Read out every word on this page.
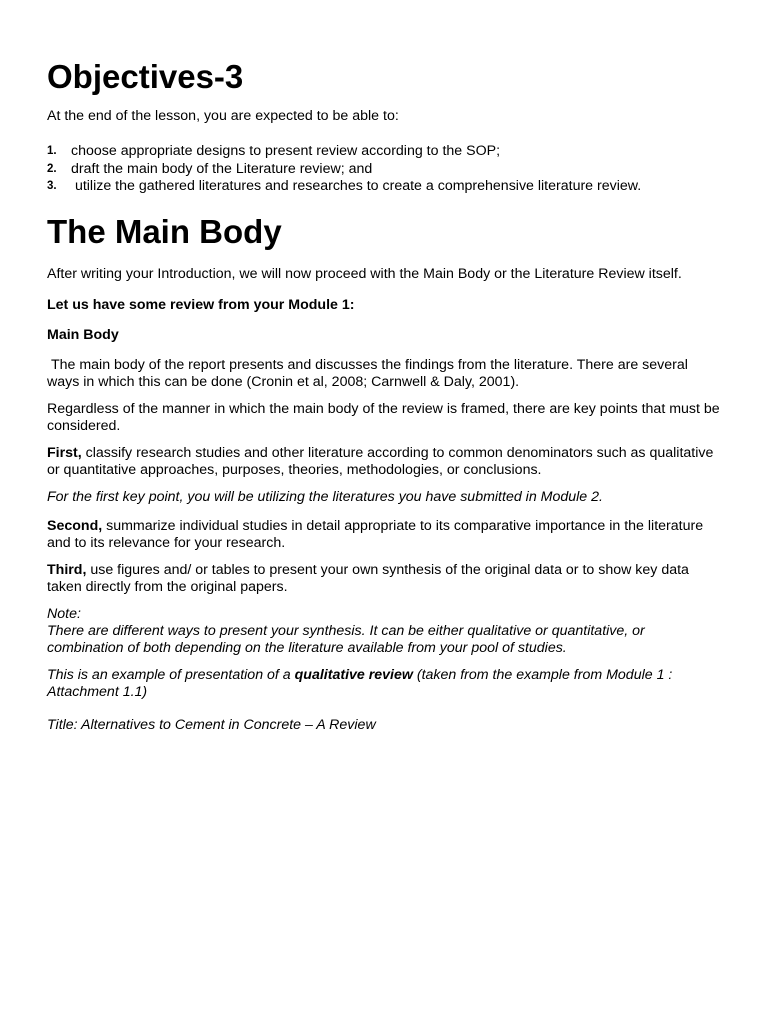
Objectives-3

At the end of the lesson, you are expected to be able to:

1.	choose appropriate designs to present review according to the SOP;
2.	draft the main body of the Literature review; and
3.	utilize the gathered literatures and researches to create a comprehensive literature review.
The Main Body

After writing your Introduction, we will now proceed with the Main Body or the Literature Review itself.

Let us have some review from your Module 1:

Main Body

The main body of the report presents and discusses the findings from the literature. There are several ways in which this can be done (Cronin et al, 2008; Carnwell & Daly, 2001).

Regardless of the manner in which the main body of the review is framed, there are key points that must be considered.

First, classify research studies and other literature according to common denominators such as qualitative or quantitative approaches, purposes, theories, methodologies, or conclusions.

For the first key point, you will be utilizing the literatures you have submitted in Module 2.

Second, summarize individual studies in detail appropriate to its comparative importance in the literature and to its relevance for your research.

Third, use figures and/ or tables to present your own synthesis of the original data or to show key data taken directly from the original papers.

Note:

There are different ways to present your synthesis. It can be either qualitative or quantitative, or combination of both depending on the literature available from your pool of studies.

This is an example of presentation of a qualitative review (taken from the example from Module 1 : Attachment 1.1)

Title: Alternatives to Cement in Concrete – A Review
